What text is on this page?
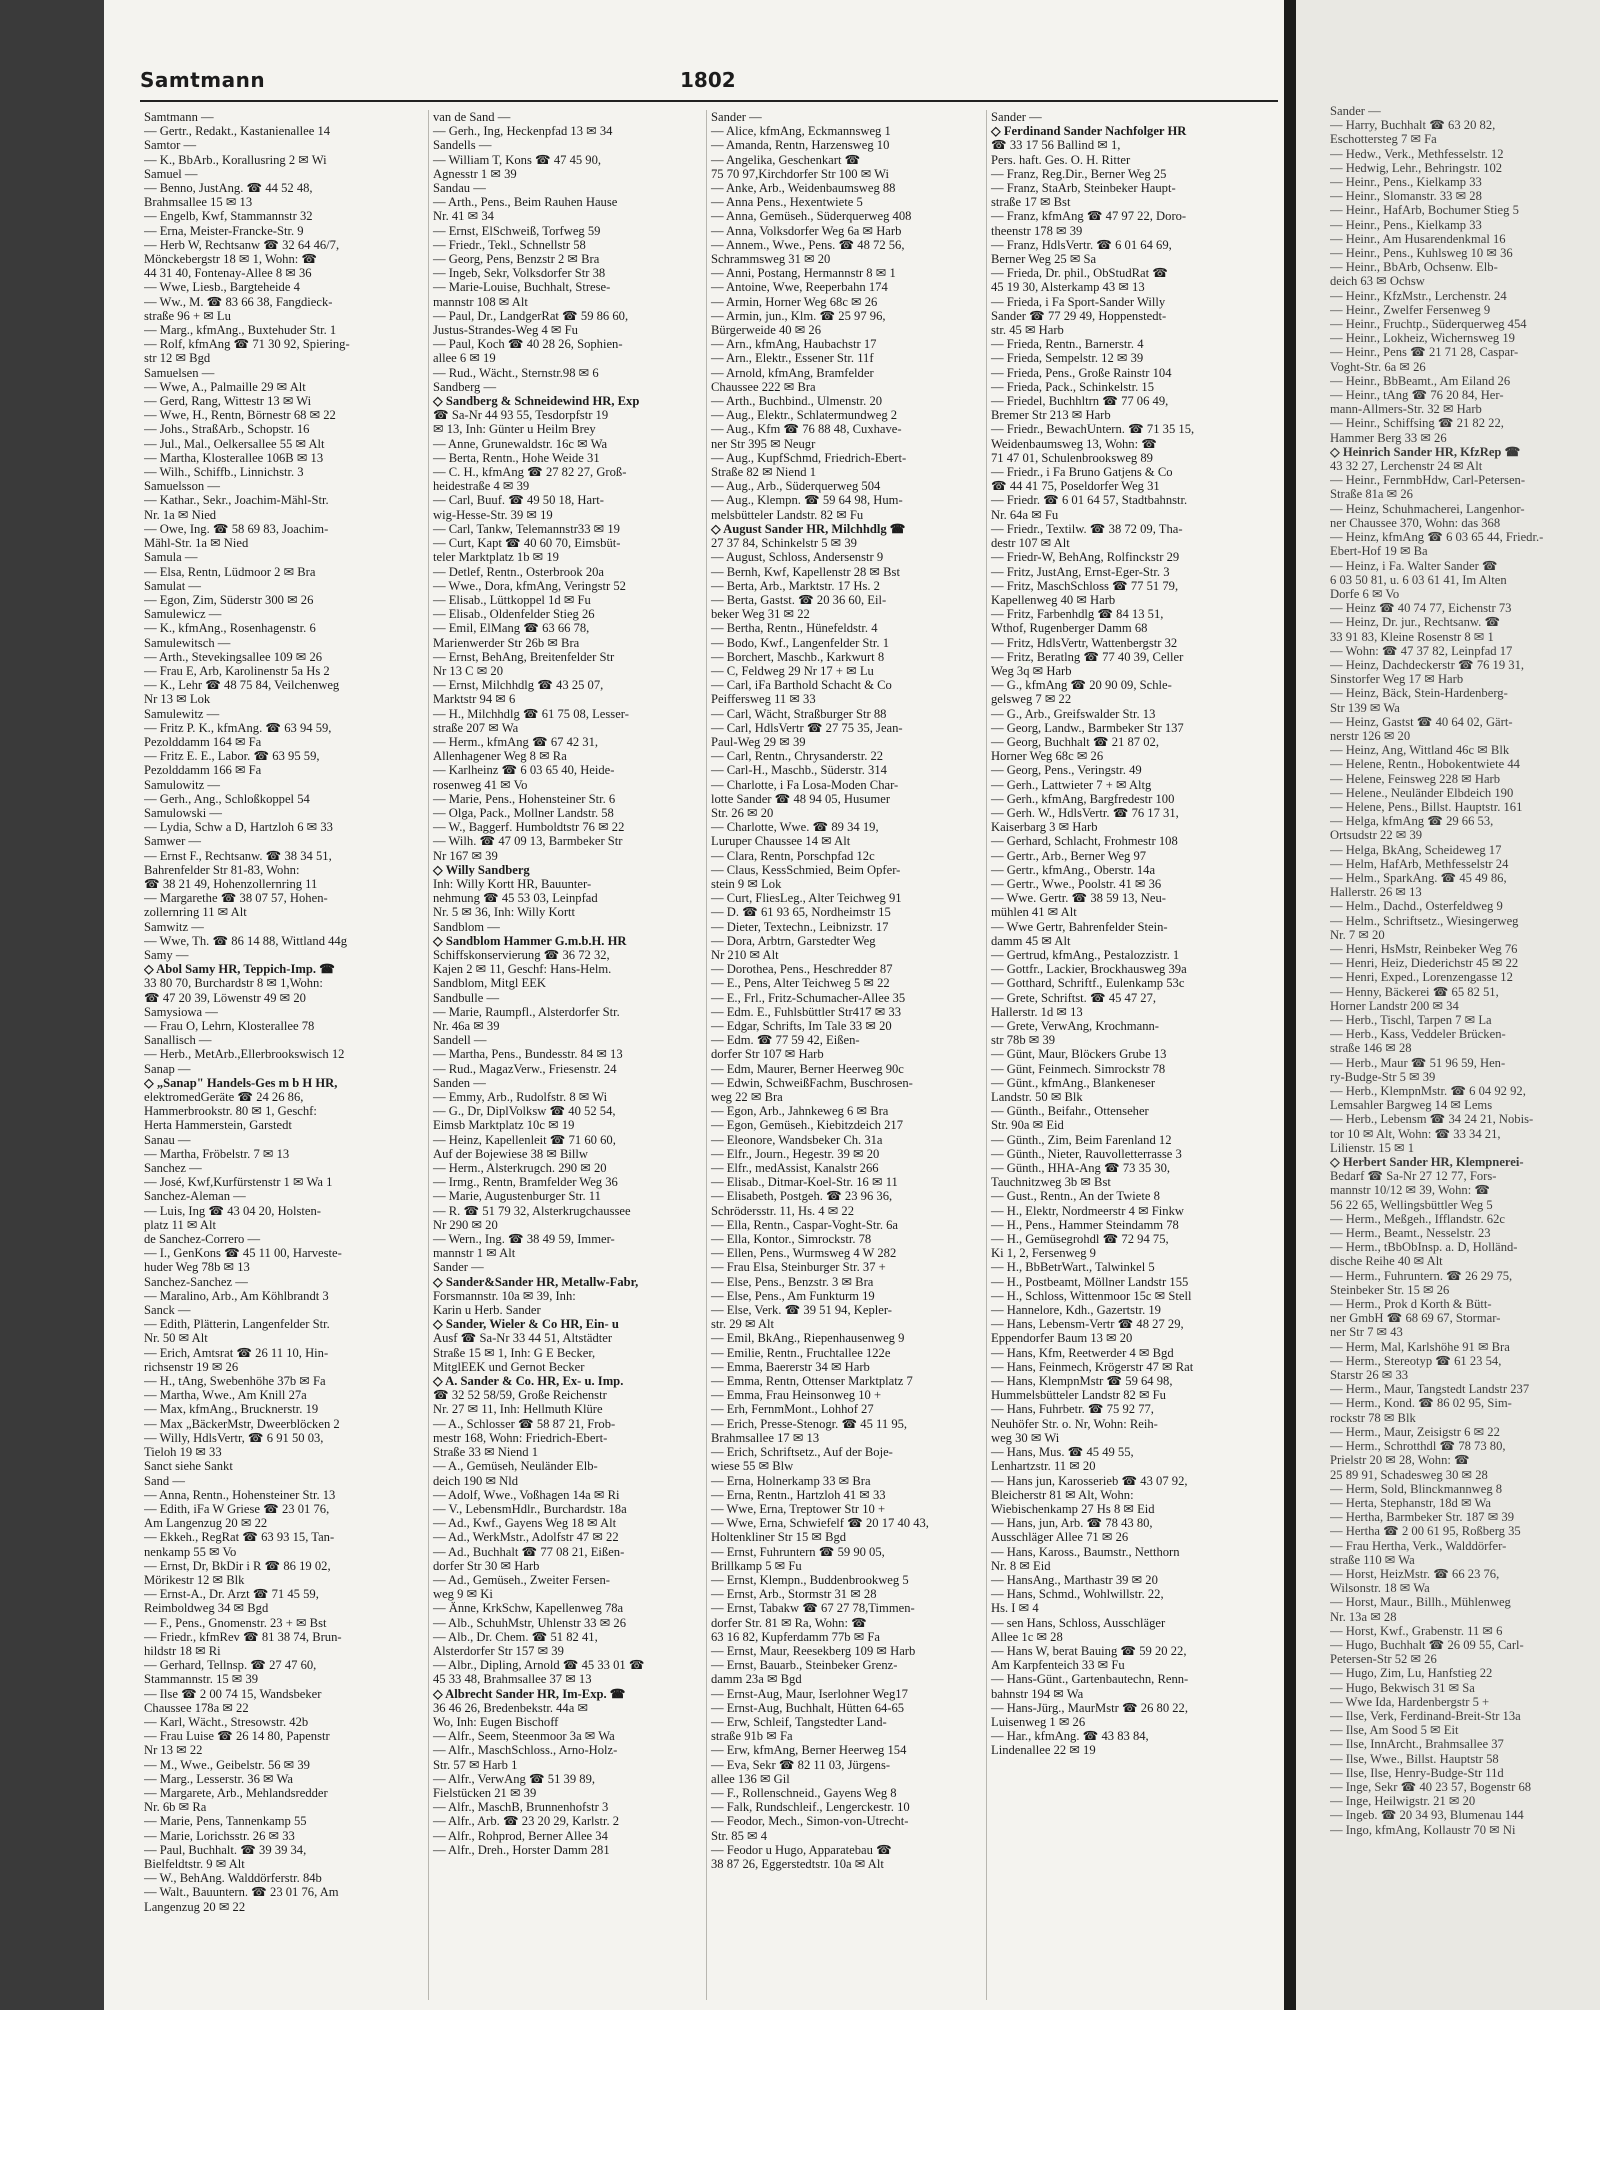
Samtmann	1802
Samtmann —
— Gertr., Redakt., Kastanienallee 14
Samtor —
— K., BbArb., Korallusring 2 ✉ Wi
Samuel —
— Benno, JustAng. ☎ 44 52 48,
Brahmsallee 15 ✉ 13
— Engelb, Kwf, Stammannstr 32
— Erna, Meister-Francke-Str. 9
— Herb W, Rechtsanw ☎ 32 64 46/7,
Mönckebergstr 18 ✉ 1, Wohn: ☎
44 31 40, Fontenay-Allee 8 ✉ 36
— Wwe, Liesb., Bargteheide 4
— Ww., M. ☎ 83 66 38, Fangdieck-
straße 96 + ✉ Lu
— Marg., kfmAng., Buxtehuder Str. 1
— Rolf, kfmAng ☎ 71 30 92, Spiering-
str 12 ✉ Bgd
Samuelsen —
— Wwe, A., Palmaille 29 ✉ Alt
— Gerd, Rang, Wittestr 13 ✉ Wi
— Wwe, H., Rentn, Börnestr 68 ✉ 22
— Johs., StraßArb., Schopstr. 16
— Jul., Mal., Oelkersallee 55 ✉ Alt
— Martha, Klosterallee 106B ✉ 13
— Wilh., Schiffb., Linnichstr. 3
Samuelsson —
— Kathar., Sekr., Joachim-Mähl-Str.
Nr. 1a ✉ Nied
— Owe, Ing. ☎ 58 69 83, Joachim-
Mähl-Str. 1a ✉ Nied
Samula —
— Elsa, Rentn, Lüdmoor 2 ✉ Bra
Samulat —
— Egon, Zim, Süderstr 300 ✉ 26
Samulewicz —
— K., kfmAng., Rosenhagenstr. 6
Samulewitsch —
— Arth., Stevekingsallee 109 ✉ 26
— Frau E, Arb, Karolinenstr 5a Hs 2
— K., Lehr ☎ 48 75 84, Veilchenweg
Nr 13 ✉ Lok
Samulewitz —
— Fritz P. K., kfmAng. ☎ 63 94 59,
Pezolddamm 164 ✉ Fa
— Fritz E. E., Labor. ☎ 63 95 59,
Pezolddamm 166 ✉ Fa
Samulowitz —
— Gerh., Ang., Schloßkoppel 54
Samulowski —
— Lydia, Schw a D, Hartzloh 6 ✉ 33
Samwer —
— Ernst F., Rechtsanw. ☎ 38 34 51,
Bahrenfelder Str 81-83, Wohn:
☎ 38 21 49, Hohenzollernring 11
— Margarethe ☎ 38 07 57, Hohen-
zollernring 11 ✉ Alt
Samwitz —
— Wwe, Th. ☎ 86 14 88, Wittland 44g
Samy —
◇ Abol Samy HR, Teppich-Imp. ☎
33 80 70, Burchardstr 8 ✉ 1,Wohn:
☎ 47 20 39, Löwenstr 49 ✉ 20
Samysiowa —
— Frau O, Lehrn, Klosterallee 78
Sanallisch —
— Herb., MetArb.,Ellerbrookswisch 12
Sanap —
◇ „Sanap" Handels-Ges m b H HR,
elektromedGeräte ☎ 24 26 86,
Hammerbrookstr. 80 ✉ 1, Geschf:
Herta Hammerstein, Garstedt
Sanau —
— Martha, Fröbelstr. 7 ✉ 13
Sanchez —
— José, Kwf,Kurfürstenstr 1 ✉ Wa 1
Sanchez-Aleman —
— Luis, Ing ☎ 43 04 20, Holsten-
platz 11 ✉ Alt
de Sanchez-Correro —
— I., GenKons ☎ 45 11 00, Harveste-
huder Weg 78b ✉ 13
Sanchez-Sanchez —
— Maralino, Arb., Am Köhlbrandt 3
Sanck —
— Edith, Plätterin, Langenfelder Str.
Nr. 50 ✉ Alt
— Erich, Amtsrat ☎ 26 11 10, Hin-
richsenstr 19 ✉ 26
— H., tAng, Swebenhöhe 37b ✉ Fa
— Martha, Wwe., Am Knill 27a
— Max, kfmAng., Brucknerstr. 19
— Max „BäckerMstr, Dweerblöcken 2
— Willy, HdlsVertr, ☎ 6 91 50 03,
Tieloh 19 ✉ 33
Sanct siehe Sankt
Sand —
— Anna, Rentn., Hohensteiner Str. 13
— Edith, iFa W Griese ☎ 23 01 76,
Am Langenzug 20 ✉ 22
— Ekkeh., RegRat ☎ 63 93 15, Tan-
nenkamp 55 ✉ Vo
— Ernst, Dr, BkDir i R ☎ 86 19 02,
Mörikestr 12 ✉ Blk
— Ernst-A., Dr. Arzt ☎ 71 45 59,
Reimboldweg 34 ✉ Bgd
— F., Pens., Gnomenstr. 23 + ✉ Bst
— Friedr., kfmRev ☎ 81 38 74, Brun-
hildstr 18 ✉ Ri
— Gerhard, Tellnsp. ☎ 27 47 60,
Stammannstr. 15 ✉ 39
— Ilse ☎ 2 00 74 15, Wandsbeker
Chaussee 178a ✉ 22
— Karl, Wächt., Stresowstr. 42b
— Frau Luise ☎ 26 14 80, Papenstr
Nr 13 ✉ 22
— M., Wwe., Geibelstr. 56 ✉ 39
— Marg., Lesserstr. 36 ✉ Wa
— Margarete, Arb., Mehlandsredder
Nr. 6b ✉ Ra
— Marie, Pens, Tannenkamp 55
— Marie, Lorichsstr. 26 ✉ 33
— Paul, Buchhalt. ☎ 39 39 34,
Bielfeldtstr. 9 ✉ Alt
— W., BehAng. Walddörferstr. 84b
— Walt., Bauuntern. ☎ 23 01 76, Am
Langenzug 20 ✉ 22
van de Sand —
— Gerh., Ing, Heckenpfad 13 ✉ 34
Sandells —
— William T, Kons ☎ 47 45 90,
Agnesstr 1 ✉ 39
Sandau —
— Arth., Pens., Beim Rauhen Hause
Nr. 41 ✉ 34
— Ernst, ElSchweiß, Torfweg 59
— Friedr., Tekl., Schnellstr 58
— Georg, Pens, Benzstr 2 ✉ Bra
— Ingeb, Sekr, Volksdorfer Str 38
— Marie-Louise, Buchhalt, Strese-
mannstr 108 ✉ Alt
— Paul, Dr., LandgerRat ☎ 59 86 60,
Justus-Strandes-Weg 4 ✉ Fu
— Paul, Koch ☎ 40 28 26, Sophien-
allee 6 ✉ 19
— Rud., Wächt., Sternstr.98 ✉ 6
Sandberg —
◇ Sandberg & Schneidewind HR, Exp
☎ Sa-Nr 44 93 55, Tesdorpfstr 19
✉ 13, Inh: Günter u Heilm Brey
— Anne, Grunewaldstr. 16c ✉ Wa
— Berta, Rentn., Hohe Weide 31
— C. H., kfmAng ☎ 27 82 27, Groß-
heidestraße 4 ✉ 39
— Carl, Buuf. ☎ 49 50 18, Hart-
wig-Hesse-Str. 39 ✉ 19
— Carl, Tankw, Telemannstr33 ✉ 19
— Curt, Kapt ☎ 40 60 70, Eimsbüt-
teler Marktplatz 1b ✉ 19
— Detlef, Rentn., Osterbrook 20a
— Wwe., Dora, kfmAng, Veringstr 52
— Elisab., Lüttkoppel 1d ✉ Fu
— Elisab., Oldenfelder Stieg 26
— Emil, ElMang ☎ 63 66 78,
Marienwerder Str 26b ✉ Bra
— Ernst, BehAng, Breitenfelder Str
Nr 13 C ✉ 20
— Ernst, Milchhdlg ☎ 43 25 07,
Marktstr 94 ✉ 6
— H., Milchhdlg ☎ 61 75 08, Lesser-
straße 207 ✉ Wa
— Herm., kfmAng ☎ 67 42 31,
Allenhagener Weg 8 ✉ Ra
— Karlheinz ☎ 6 03 65 40, Heide-
rosenweg 41 ✉ Vo
— Marie, Pens., Hohensteiner Str. 6
— Olga, Pack., Mollner Landstr. 58
— W., Baggerf. Humboldtstr 76 ✉ 22
— Wilh. ☎ 47 09 13, Barmbeker Str
Nr 167 ✉ 39
◇ Willy Sandberg
Inh: Willy Kortt HR, Bauunter-
nehmung ☎ 45 53 03, Leinpfad
Nr. 5 ✉ 36, Inh: Willy Kortt
Sandblom —
◇ Sandblom Hammer G.m.b.H. HR
Schiffskonservierung ☎ 36 72 32,
Kajen 2 ✉ 11, Geschf: Hans-Helm.
Sandblom, Mitgl EEK
Sandbulle —
— Marie, Raumpfl., Alsterdorfer Str.
Nr. 46a ✉ 39
Sandell —
— Martha, Pens., Bundesstr. 84 ✉ 13
— Rud., MagazVerw., Friesenstr. 24
Sanden —
— Emmy, Arb., Rudolfstr. 8 ✉ Wi
— G., Dr, DiplVolksw ☎ 40 52 54,
Eimsb Marktplatz 10c ✉ 19
— Heinz, Kapellenleit ☎ 71 60 60,
Auf der Bojewiese 38 ✉ Billw
— Herm., Alsterkrugch. 290 ✉ 20
— Irmg., Rentn, Bramfelder Weg 36
— Marie, Augustenburger Str. 11
— R. ☎ 51 79 32, Alsterkrugchaussee
Nr 290 ✉ 20
— Wern., Ing. ☎ 38 49 59, Immer-
mannstr 1 ✉ Alt
Sander —
◇ Sander&Sander HR, Metallw-Fabr,
Forsmannstr. 10a ✉ 39, Inh:
Karin u Herb. Sander
◇ Sander, Wieler & Co HR, Ein- u
Ausf ☎ Sa-Nr 33 44 51, Altstädter
Straße 15 ✉ 1, Inh: G E Becker,
MitglEEK und Gernot Becker
◇ A. Sander & Co. HR, Ex- u. Imp.
☎ 32 52 58/59, Große Reichenstr
Nr. 27 ✉ 11, Inh: Hellmuth Klüre
— A., Schlosser ☎ 58 87 21, Frob-
mestr 168, Wohn: Friedrich-Ebert-
Straße 33 ✉ Niend 1
— A., Gemüseh, Neuländer Elb-
deich 190 ✉ Nld
— Adolf, Wwe., Voßhagen 14a ✉ Ri
— V., LebensmHdlr., Burchardstr. 18a
— Ad., Kwf., Gayens Weg 18 ✉ Alt
— Ad., WerkMstr., Adolfstr 47 ✉ 22
— Ad., Buchhalt ☎ 77 08 21, Eißen-
dorfer Str 30 ✉ Harb
— Ad., Gemüseh., Zweiter Fersen-
weg 9 ✉ Ki
— Änne, KrkSchw, Kapellenweg 78a
— Alb., SchuhMstr, Uhlenstr 33 ✉ 26
— Alb., Dr. Chem. ☎ 51 82 41,
Alsterdorfer Str 157 ✉ 39
— Albr., Dipling, Arnold ☎ 45 33 01 ☎
45 33 48, Brahmsallee 37 ✉ 13
◇ Albrecht Sander HR, Im-Exp. ☎
36 46 26, Bredenbekstr. 44a ✉
Wo, Inh: Eugen Bischoff
— Alfr., Seem, Steenmoor 3a ✉ Wa
— Alfr., MaschSchloss., Arno-Holz-
Str. 57 ✉ Harb 1
— Alfr., VerwAng ☎ 51 39 89,
Fielstücken 21 ✉ 39
— Alfr., MaschB, Brunnenhofstr 3
— Alfr., Arb. ☎ 23 20 29, Karlstr. 2
— Alfr., Rohprod, Berner Allee 34
— Alfr., Dreh., Horster Damm 281
Sander —
— Alice, kfmAng, Eckmannsweg 1
— Amanda, Rentn, Harzensweg 10
— Angelika, Geschenkart ☎
75 70 97,Kirchdorfer Str 100 ✉ Wi
— Anke, Arb., Weidenbaumsweg 88
— Anna Pens., Hexentwiete 5
— Anna, Gemüseh., Süderquerweg 408
— Anna, Volksdorfer Weg 6a ✉ Harb
— Annem., Wwe., Pens. ☎ 48 72 56,
Schrammsweg 31 ✉ 20
— Anni, Postang, Hermannstr 8 ✉ 1
— Antoine, Wwe, Reeperbahn 174
— Armin, Horner Weg 68c ✉ 26
— Armin, jun., Klm. ☎ 25 97 96,
Bürgerweide 40 ✉ 26
— Arn., kfmAng, Haubachstr 17
— Arn., Elektr., Essener Str. 11f
— Arnold, kfmAng, Bramfelder
Chaussee 222 ✉ Bra
— Arth., Buchbind., Ulmenstr. 20
— Aug., Elektr., Schlatermundweg 2
— Aug., Kfm ☎ 76 88 48, Cuxhave-
ner Str 395 ✉ Neugr
— Aug., KupfSchmd, Friedrich-Ebert-
Straße 82 ✉ Niend 1
— Aug., Arb., Süderquerweg 504
— Aug., Klempn. ☎ 59 64 98, Hum-
melsbütteler Landstr. 82 ✉ Fu
◇ August Sander HR, Milchhdlg ☎
27 37 84, Schinkelstr 5 ✉ 39
— August, Schloss, Andersenstr 9
— Bernh, Kwf, Kapellenstr 28 ✉ Bst
— Berta, Arb., Marktstr. 17 Hs. 2
— Berta, Gastst. ☎ 20 36 60, Eil-
beker Weg 31 ✉ 22
— Bertha, Rentn., Hünefeldstr. 4
— Bodo, Kwf., Langenfelder Str. 1
— Borchert, Maschb., Karkwurt 8
— C, Feldweg 29 Nr 17 + ✉ Lu
— Carl, iFa Barthold Schacht & Co
Peiffersweg 11 ✉ 33
— Carl, Wächt, Straßburger Str 88
— Carl, HdlsVertr ☎ 27 75 35, Jean-
Paul-Weg 29 ✉ 39
— Carl, Rentn., Chrysanderstr. 22
— Carl-H., Maschb., Süderstr. 314
— Charlotte, i Fa Losa-Moden Char-
lotte Sander ☎ 48 94 05, Husumer
Str. 26 ✉ 20
— Charlotte, Wwe. ☎ 89 34 19,
Luruper Chaussee 14 ✉ Alt
— Clara, Rentn, Porschpfad 12c
— Claus, KessSchmied, Beim Opfer-
stein 9 ✉ Lok
— Curt, FliesLeg., Alter Teichweg 91
— D. ☎ 61 93 65, Nordheimstr 15
— Dieter, Textechn., Leibnizstr. 17
— Dora, Arbtrn, Garstedter Weg
Nr 210 ✉ Alt
— Dorothea, Pens., Heschredder 87
— E., Pens, Alter Teichweg 5 ✉ 22
— E., Frl., Fritz-Schumacher-Allee 35
— Edm. E., Fuhlsbüttler Str417 ✉ 33
— Edgar, Schrifts, Im Tale 33 ✉ 20
— Edm. ☎ 77 59 42, Eißen-
dorfer Str 107 ✉ Harb
— Edm, Maurer, Berner Heerweg 90c
— Edwin, SchweißFachm, Buschrosen-
weg 22 ✉ Bra
— Egon, Arb., Jahnkeweg 6 ✉ Bra
— Egon, Gemüseh., Kiebitzdeich 217
— Eleonore, Wandsbeker Ch. 31a
— Elfr., Journ., Hegestr. 39 ✉ 20
— Elfr., medAssist, Kanalstr 266
— Elisab., Ditmar-Koel-Str. 16 ✉ 11
— Elisabeth, Postgeh. ☎ 23 96 36,
Schrödersstr. 11, Hs. 4 ✉ 22
— Ella, Rentn., Caspar-Voght-Str. 6a
— Ella, Kontor., Simrockstr. 78
— Ellen, Pens., Wurmsweg 4 W 282
— Frau Elsa, Steinburger Str. 37 +
— Else, Pens., Benzstr. 3 ✉ Bra
— Else, Pens., Am Funkturm 19
— Else, Verk. ☎ 39 51 94, Kepler-
str. 29 ✉ Alt
— Emil, BkAng., Riepenhausenweg 9
— Emilie, Rentn., Fruchtallee 122e
— Emma, Baererstr 34 ✉ Harb
— Emma, Rentn, Ottenser Marktplatz 7
— Emma, Frau Heinsonweg 10 +
— Erh, FernmMont., Lohhof 27
— Erich, Presse-Stenogr. ☎ 45 11 95,
Brahmsallee 17 ✉ 13
— Erich, Schriftsetz., Auf der Boje-
wiese 55 ✉ Blw
— Erna, Holnerkamp 33 ✉ Bra
— Erna, Rentn., Hartzloh 41 ✉ 33
— Wwe, Erna, Treptower Str 10 +
— Wwe, Erna, Schwiefelf ☎ 20 17 40 43,
Holtenkliner Str 15 ✉ Bgd
— Ernst, Fuhruntern ☎ 59 90 05,
Brillkamp 5 ✉ Fu
— Ernst, Klempn., Buddenbrookweg 5
— Ernst, Arb., Stormstr 31 ✉ 28
— Ernst, Tabakw ☎ 67 27 78,Timmen-
dorfer Str. 81 ✉ Ra, Wohn: ☎
63 16 82, Kupferdamm 77b ✉ Fa
— Ernst, Maur, Reesekberg 109 ✉ Harb
— Ernst, Bauarb., Steinbeker Grenz-
damm 23a ✉ Bgd
— Ernst-Aug, Maur, Iserlohner Weg17
— Ernst-Aug, Buchhalt, Hütten 64-65
— Erw, Schleif, Tangstedter Land-
straße 91b ✉ Fa
— Erw, kfmAng, Berner Heerweg 154
— Eva, Sekr ☎ 82 11 03, Jürgens-
allee 136 ✉ Gil
— F., Rollenschneid., Gayens Weg 8
— Falk, Rundschleif., Lengerckestr. 10
— Feodor, Mech., Simon-von-Utrecht-
Str. 85 ✉ 4
— Feodor u Hugo, Apparatebau ☎
38 87 26, Eggerstedtstr. 10a ✉ Alt
Sander —
◇ Ferdinand Sander Nachfolger HR
☎ 33 17 56 Ballind ✉ 1,
Pers. haft. Ges. O. H. Ritter
— Franz, Reg.Dir., Berner Weg 25
— Franz, StaArb, Steinbeker Haupt-
straße 17 ✉ Bst
— Franz, kfmAng ☎ 47 97 22, Doro-
theenstr 178 ✉ 39
— Franz, HdlsVertr. ☎ 6 01 64 69,
Berner Weg 25 ✉ Sa
— Frieda, Dr. phil., ObStudRat ☎
45 19 30, Alsterkamp 43 ✉ 13
— Frieda, i Fa Sport-Sander Willy
Sander ☎ 77 29 49, Hoppenstedt-
str. 45 ✉ Harb
— Frieda, Rentn., Barnerstr. 4
— Frieda, Sempelstr. 12 ✉ 39
— Frieda, Pens., Große Rainstr 104
— Frieda, Pack., Schinkelstr. 15
— Friedel, Buchhltrn ☎ 77 06 49,
Bremer Str 213 ✉ Harb
— Friedr., BewachUntern. ☎ 71 35 15,
Weidenbaumsweg 13, Wohn: ☎
71 47 01, Schulenbrooksweg 89
— Friedr., i Fa Bruno Gatjens & Co
☎ 44 41 75, Poseldorfer Weg 31
— Friedr. ☎ 6 01 64 57, Stadtbahnstr.
Nr. 64a ✉ Fu
— Friedr., Textilw. ☎ 38 72 09, Tha-
destr 107 ✉ Alt
— Friedr-W, BehAng, Rolfinckstr 29
— Fritz, JustAng, Ernst-Eger-Str. 3
— Fritz, MaschSchloss ☎ 77 51 79,
Kapellenweg 40 ✉ Harb
— Fritz, Farbenhdlg ☎ 84 13 51,
Wthof, Rugenberger Damm 68
— Fritz, HdlsVertr, Wattenbergstr 32
— Fritz, Beratlng ☎ 77 40 39, Celler
Weg 3q ✉ Harb
— G., kfmAng ☎ 20 90 09, Schle-
gelsweg 7 ✉ 22
— G., Arb., Greifswalder Str. 13
— Georg, Landw., Barmbeker Str 137
— Georg, Buchhalt ☎ 21 87 02,
Horner Weg 68c ✉ 26
— Georg, Pens., Veringstr. 49
— Gerh., Lattwieter 7 + ✉ Altg
— Gerh., kfmAng, Bargfredestr 100
— Gerh. W., HdlsVertr. ☎ 76 17 31,
Kaiserbarg 3 ✉ Harb
— Gerhard, Schlacht, Frohmestr 108
— Gertr., Arb., Berner Weg 97
— Gertr., kfmAng., Oberstr. 14a
— Gertr., Wwe., Poolstr. 41 ✉ 36
— Wwe. Gertr. ☎ 38 59 13, Neu-
mühlen 41 ✉ Alt
— Wwe Gertr, Bahrenfelder Stein-
damm 45 ✉ Alt
— Gertrud, kfmAng., Pestalozzistr. 1
— Gottfr., Lackier, Brockhausweg 39a
— Gotthard, Schriftf., Eulenkamp 53c
— Grete, Schriftst. ☎ 45 47 27,
Hallerstr. 1d ✉ 13
— Grete, VerwAng, Krochmann-
str 78b ✉ 39
— Günt, Maur, Blöckers Grube 13
— Günt, Feinmech. Simrockstr 78
— Günt., kfmAng., Blankeneser
Landstr. 50 ✉ Blk
— Günth., Beifahr., Ottenseher
Str. 90a ✉ Eid
— Günth., Zim, Beim Farenland 12
— Günth., Nieter, Rauvolletterrasse 3
— Günth., HHA-Ang ☎ 73 35 30,
Tauchnitzweg 3b ✉ Bst
— Gust., Rentn., An der Twiete 8
— H., Elektr, Nordmeerstr 4 ✉ Finkw
— H., Pens., Hammer Steindamm 78
— H., Gemüsegrohdl ☎ 72 94 75,
Ki 1, 2, Fersenweg 9
— H., BbBetrWart., Talwinkel 5
— H., Postbeamt, Möllner Landstr 155
— H., Schloss, Wittenmoor 15c ✉ Stell
— Hannelore, Kdh., Gazertstr. 19
— Hans, Lebensm-Vertr ☎ 48 27 29,
Eppendorfer Baum 13 ✉ 20
— Hans, Kfm, Reetwerder 4 ✉ Bgd
— Hans, Feinmech, Krögerstr 47 ✉ Rat
— Hans, KlempnMstr ☎ 59 64 98,
Hummelsbütteler Landstr 82 ✉ Fu
— Hans, Fuhrbetr. ☎ 75 92 77,
Neuhöfer Str. o. Nr, Wohn: Reih-
weg 30 ✉ Wi
— Hans, Mus. ☎ 45 49 55,
Lenhartzstr. 11 ✉ 20
— Hans jun, Karosserieb ☎ 43 07 92,
Bleicherstr 81 ✉ Alt, Wohn:
Wiebischenkamp 27 Hs 8 ✉ Eid
— Hans, jun, Arb. ☎ 78 43 80,
Ausschläger Allee 71 ✉ 26
— Hans, Kaross., Baumstr., Netthorn
Nr. 8 ✉ Eid
— HansAng., Marthastr 39 ✉ 20
— Hans, Schmd., Wohlwillstr. 22,
Hs. I ✉ 4
— sen Hans, Schloss, Ausschläger
Allee 1c ✉ 28
— Hans W, berat Bauing ☎ 59 20 22,
Am Karpfenteich 33 ✉ Fu
— Hans-Günt., Gartenbautechn, Renn-
bahnstr 194 ✉ Wa
— Hans-Jürg., MaurMstr ☎ 26 80 22,
Luisenweg 1 ✉ 26
— Har., kfmAng. ☎ 43 83 84,
Lindenallee 22 ✉ 19
Sander —
— Harry, Buchhalt ☎ 63 20 82,
Eschottersteg 7 ✉ Fa
— Hedw., Verk., Methfesselstr. 12
— Hedwig, Lehr., Behringstr. 102
— Heinr., Pens., Kielkamp 33
— Heinr., Slomanstr. 33 ✉ 28
— Heinr., HafArb, Bochumer Stieg 5
— Heinr., Pens., Kielkamp 33
— Heinr., Am Husarendenkmal 16
— Heinr., Pens., Kuhlsweg 10 ✉ 36
— Heinr., BbArb, Ochsenw. Elb-
deich 63 ✉ Ochsw
— Heinr., KfzMstr., Lerchenstr. 24
— Heinr., Zwelfer Fersenweg 9
— Heinr., Fruchtp., Süderquerweg 454
— Heinr., Lokheiz, Wichernsweg 19
— Heinr., Pens ☎ 21 71 28, Caspar-
Voght-Str. 6a ✉ 26
— Heinr., BbBeamt., Am Eiland 26
— Heinr., tAng ☎ 76 20 84, Her-
mann-Allmers-Str. 32 ✉ Harb
— Heinr., Schiffsing ☎ 21 82 22,
Hammer Berg 33 ✉ 26
◇ Heinrich Sander HR, KfzRep ☎
43 32 27, Lerchenstr 24 ✉ Alt
— Heinr., FernmbHdw, Carl-Petersen-
Straße 81a ✉ 26
— Heinz, Schuhmacherei, Langenhor-
ner Chaussee 370, Wohn: das 368
— Heinz, kfmAng ☎ 6 03 65 44, Friedr.-
Ebert-Hof 19 ✉ Ba
— Heinz, i Fa. Walter Sander ☎
6 03 50 81, u. 6 03 61 41, Im Alten
Dorfe 6 ✉ Vo
— Heinz ☎ 40 74 77, Eichenstr 73
— Heinz, Dr. jur., Rechtsanw. ☎
33 91 83, Kleine Rosenstr 8 ✉ 1
— Wohn: ☎ 47 37 82, Leinpfad 17
— Heinz, Dachdeckerstr ☎ 76 19 31,
Sinstorfer Weg 17 ✉ Harb
— Heinz, Bäck, Stein-Hardenberg-
Str 139 ✉ Wa
— Heinz, Gastst ☎ 40 64 02, Gärt-
nerstr 126 ✉ 20
— Heinz, Ang, Wittland 46c ✉ Blk
— Helene, Rentn., Hobokentwiete 44
— Helene, Feinsweg 228 ✉ Harb
— Helene., Neuländer Elbdeich 190
— Helene, Pens., Billst. Hauptstr. 161
— Helga, kfmAng ☎ 29 66 53,
Ortsudstr 22 ✉ 39
— Helga, BkAng, Scheideweg 17
— Helm, HafArb, Methfesselstr 24
— Helm., SparkAng. ☎ 45 49 86,
Hallerstr. 26 ✉ 13
— Helm., Dachd., Osterfeldweg 9
— Helm., Schriftsetz., Wiesingerweg
Nr. 7 ✉ 20
— Henri, HsMstr, Reinbeker Weg 76
— Henri, Heiz, Diederichstr 45 ✉ 22
— Henri, Exped., Lorenzengasse 12
— Henny, Bäckerei ☎ 65 82 51,
Horner Landstr 200 ✉ 34
— Herb., Tischl, Tarpen 7 ✉ La
— Herb., Kass, Veddeler Brücken-
straße 146 ✉ 28
— Herb., Maur ☎ 51 96 59, Hen-
ry-Budge-Str 5 ✉ 39
— Herb., KlempnMstr. ☎ 6 04 92 92,
Lemsahler Bargweg 14 ✉ Lems
— Herb., Lebensm ☎ 34 24 21, Nobis-
tor 10 ✉ Alt, Wohn: ☎ 33 34 21,
Lilienstr. 15 ✉ 1
◇ Herbert Sander HR, Klempnerei-
Bedarf ☎ Sa-Nr 27 12 77, Fors-
mannstr 10/12 ✉ 39, Wohn: ☎
56 22 65, Wellingsbüttler Weg 5
— Herm., Meßgeh., Ifflandstr. 62c
— Herm., Beamt., Nesselstr. 23
— Herm., tBbObInsp. a. D, Holländ-
dische Reihe 40 ✉ Alt
— Herm., Fuhruntern. ☎ 26 29 75,
Steinbeker Str. 15 ✉ 26
— Herm., Prok d Korth & Bütt-
ner GmbH ☎ 68 69 67, Stormar-
ner Str 7 ✉ 43
— Herm, Mal, Karlshöhe 91 ✉ Bra
— Herm., Stereotyp ☎ 61 23 54,
Starstr 26 ✉ 33
— Herm., Maur, Tangstedt Landstr 237
— Herm., Kond. ☎ 86 02 95, Sim-
rockstr 78 ✉ Blk
— Herm., Maur, Zeisigstr 6 ✉ 22
— Herm., Schrotthdl ☎ 78 73 80,
Prielstr 20 ✉ 28, Wohn: ☎
25 89 91, Schadesweg 30 ✉ 28
— Herm, Sold, Blinckmannweg 8
— Herta, Stephanstr, 18d ✉ Wa
— Hertha, Barmbeker Str. 187 ✉ 39
— Hertha ☎ 2 00 61 95, Roßberg 35
— Frau Hertha, Verk., Walddörfer-
straße 110 ✉ Wa
— Horst, HeizMstr. ☎ 66 23 76,
Wilsonstr. 18 ✉ Wa
— Horst, Maur., Billh., Mühlenweg
Nr. 13a ✉ 28
— Horst, Kwf., Grabenstr. 11 ✉ 6
— Hugo, Buchhalt ☎ 26 09 55, Carl-
Petersen-Str 52 ✉ 26
— Hugo, Zim, Lu, Hanfstieg 22
— Hugo, Bekwisch 31 ✉ Sa
— Wwe Ida, Hardenbergstr 5 +
— Ilse, Verk, Ferdinand-Breit-Str 13a
— Ilse, Am Sood 5 ✉ Eit
— Ilse, InnArcht., Brahmsallee 37
— Ilse, Wwe., Billst. Hauptstr 58
— Ilse, Ilse, Henry-Budge-Str 11d
— Inge, Sekr ☎ 40 23 57, Bogenstr 68
— Inge, Heilwigstr. 21 ✉ 20
— Ingeb. ☎ 20 34 93, Blumenau 144
— Ingo, kfmAng, Kollaustr 70 ✉ Ni
